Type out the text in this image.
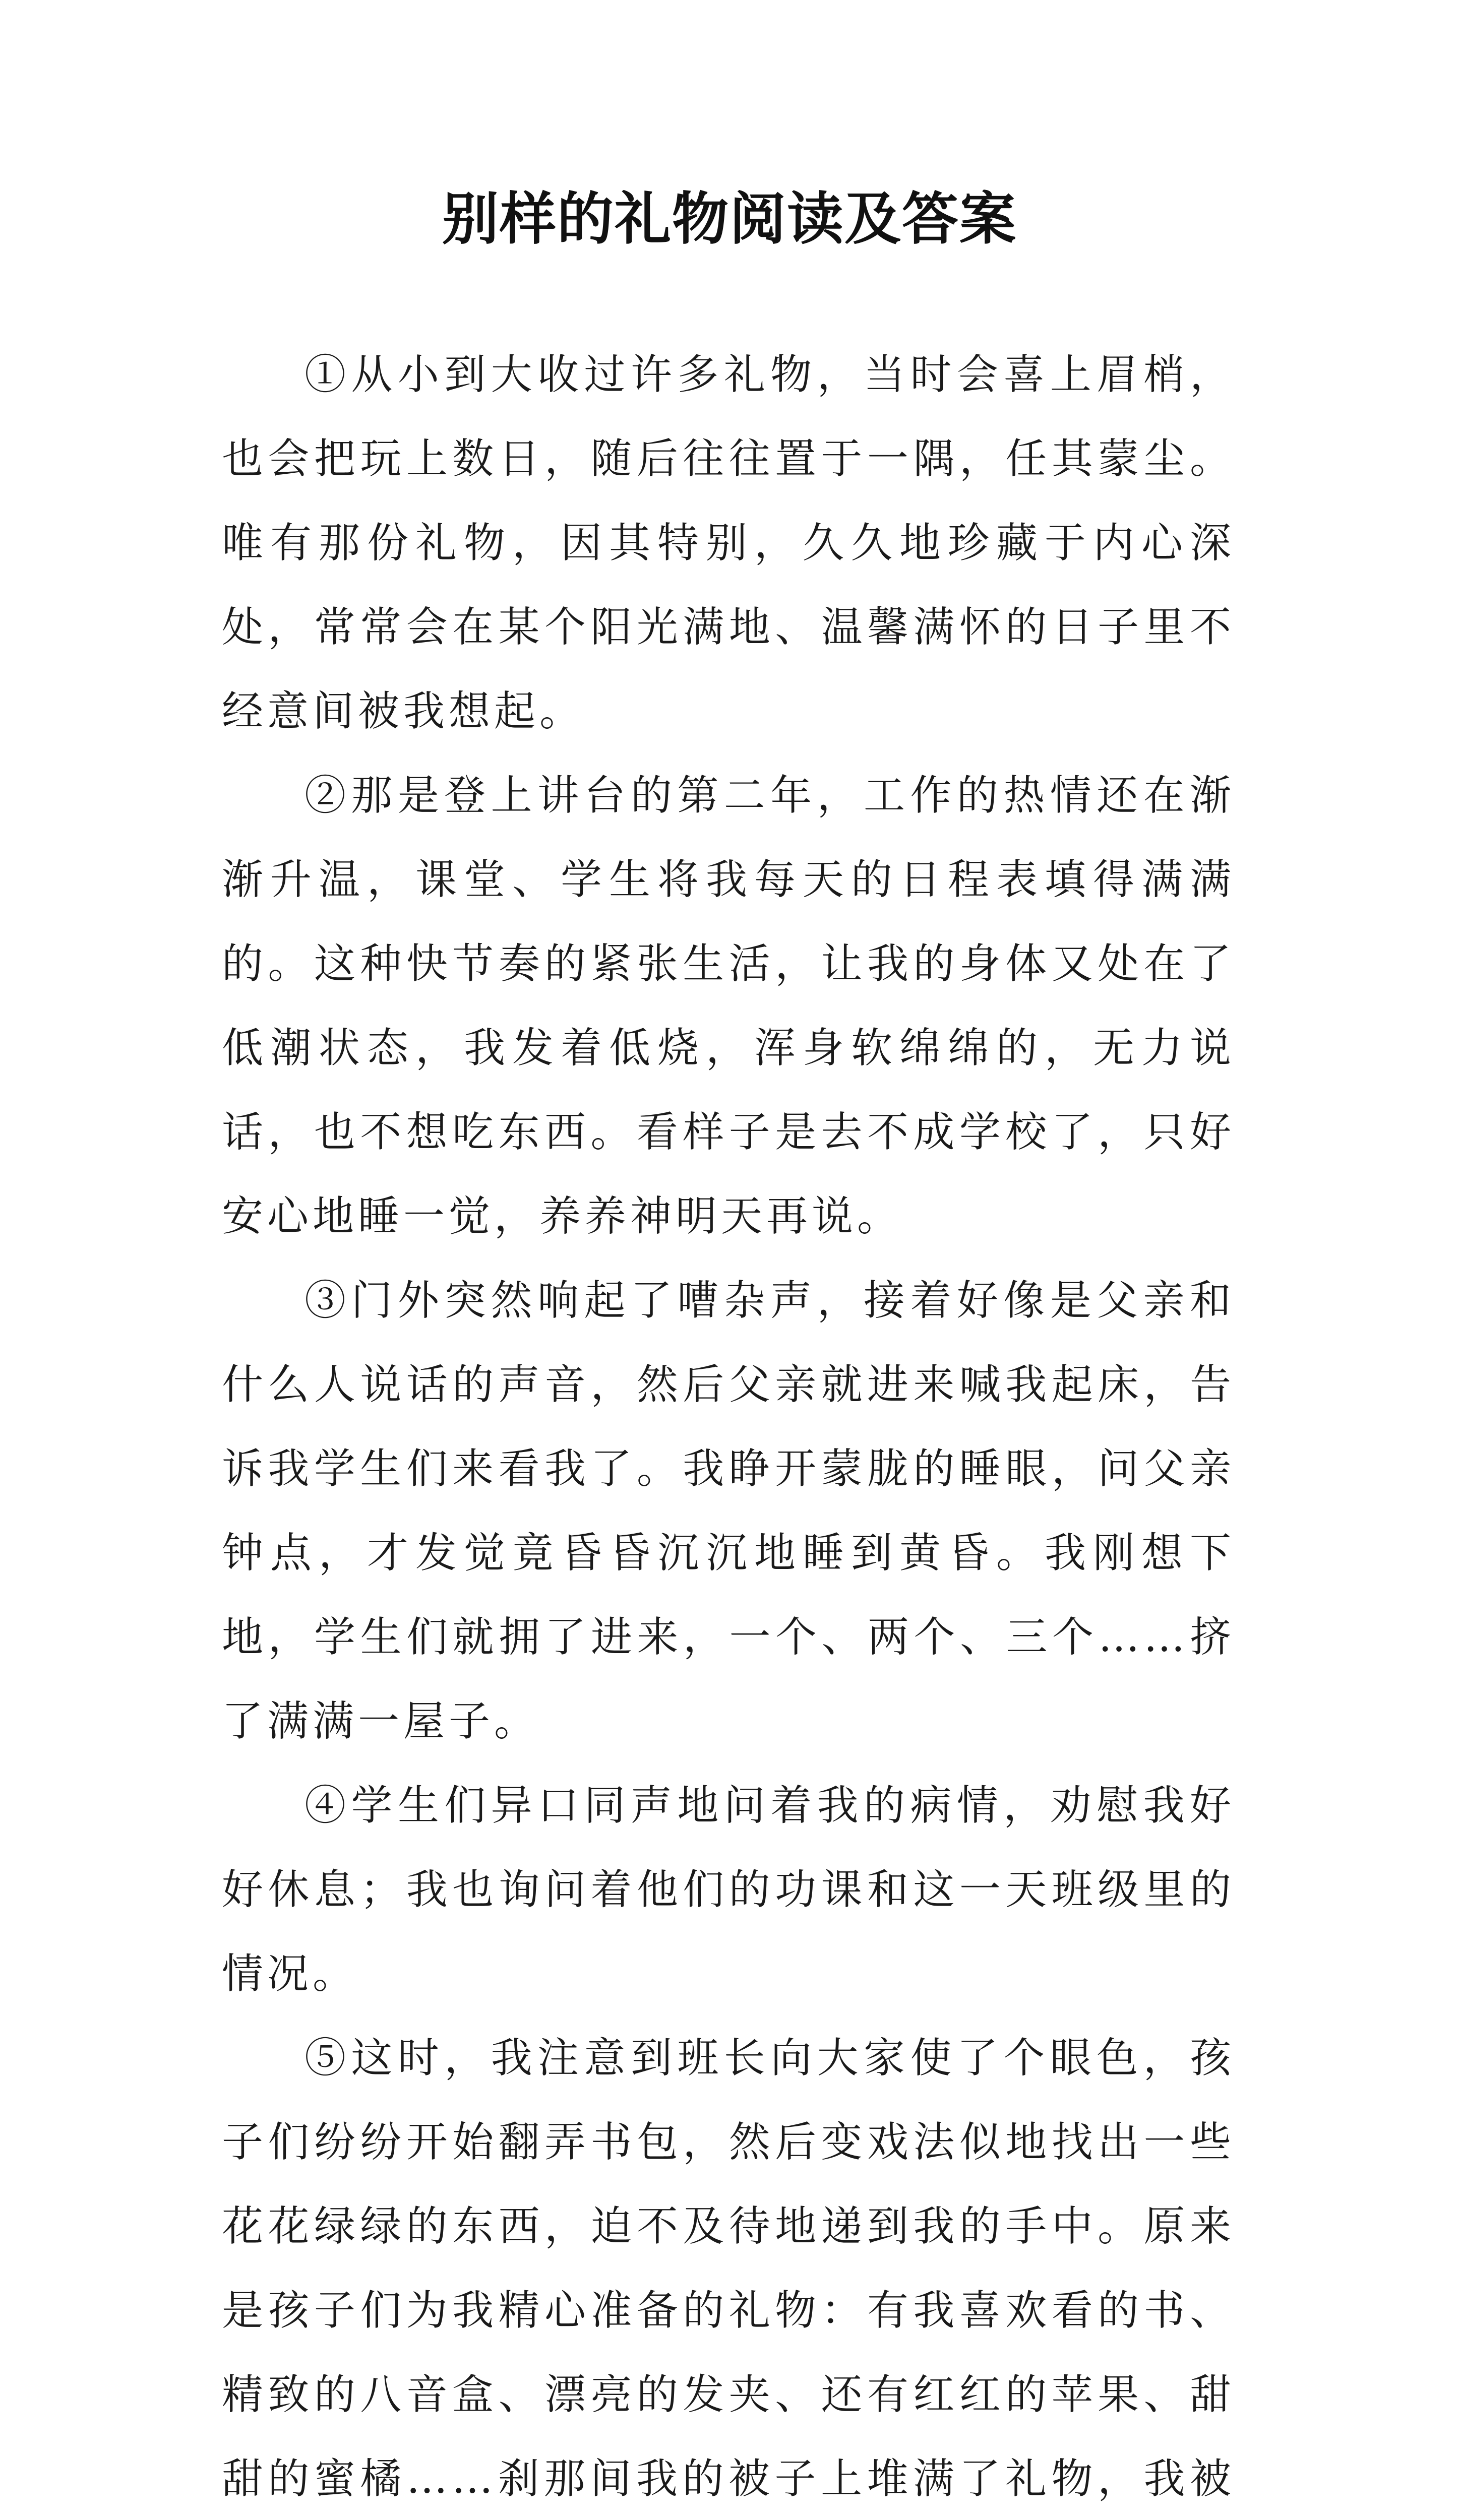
别样的礼物阅读及答案

①从小到大收过许多礼物，当时会喜上眉梢，也会把玩上数日，随后往往置于一隅，任其蒙尘。唯有那份礼物，因其特别，久久地珍藏于内心深处，常常会在某个阳光满地、温馨满怀的日子里不经意间被我想起。

②那是登上讲台的第二年，工作的热情还在渐渐升温，课堂、学生将我每天的日程表填得满满的。这种快节奏的紧张生活，让我的身体又处在了低潮状态，我发着低烧，浑身软绵绵的，无力说话，也不想吃东西。看样子是去不成学校了，只好安心地睡一觉，养养神明天再说。

③门外突然响起了嘈杂声，接着好像是父亲和什么人说话的声音，然后父亲就进来喊我起床，告诉我学生们来看我了。我睁开蒙胧的睡眼，问父亲钟点，才发觉竟昏昏沉沉地睡到黄昏。我刚想下地，学生们就拥了进来，一个、两个、三个……挤了满满一屋子。

④学生们异口同声地问着我的病情，劝慰我好好休息；我也询问着他们的功课和这一天班级里的情况。

⑤这时，我注意到班长向大家使了个眼色，孩子们纷纷开始翻弄书包，然后变戏法似地找出一些花花绿绿的东西，迫不及待地递到我的手中。原来是孩子们为我精心准备的礼物：有我喜欢看的书、精致的八音盒、漂亮的发夹、还有红红的苹果、甜甜的蜜橘……刹那间我的被子上堆满了礼物，我被
